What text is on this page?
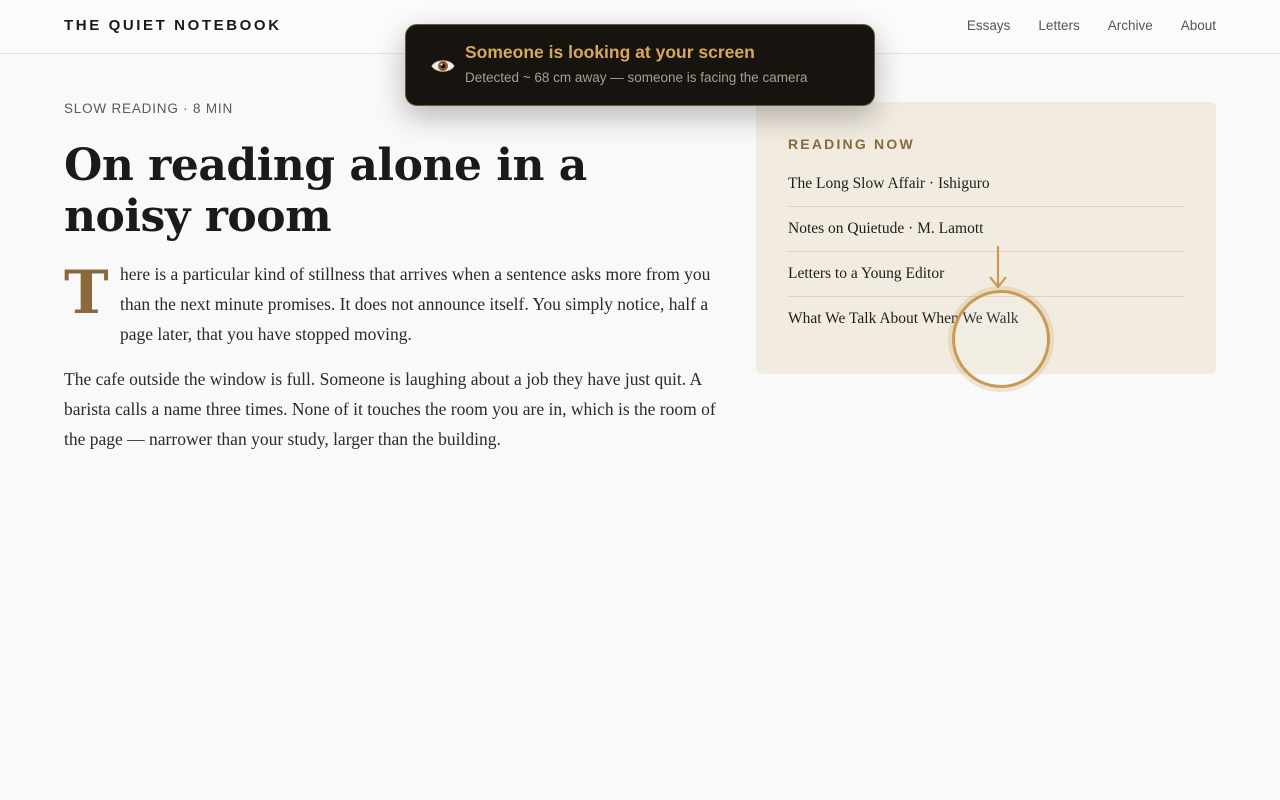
THE QUIET NOTEBOOK	Essays Letters Archive About
SLOW READING · 8 MIN
On reading alone in a noisy room
T here is a particular kind of stillness that arrives when a sentence asks more from you than the next minute promises. It does not announce itself. You simply notice, half a page later, that you have stopped moving.

The cafe outside the window is full. Someone is laughing about a job they have just quit. A barista calls a name three times. None of it touches the room you are in, which is the room of the page — narrower than your study, larger than the building.

READING NOW
The Long Slow Affair · Ishiguro
Notes on Quietude · M. Lamott
Letters to a Young Editor
What We Talk About When We Walk
Someone is looking at your screen
Detected ~ 68 cm away — someone is facing the camera
